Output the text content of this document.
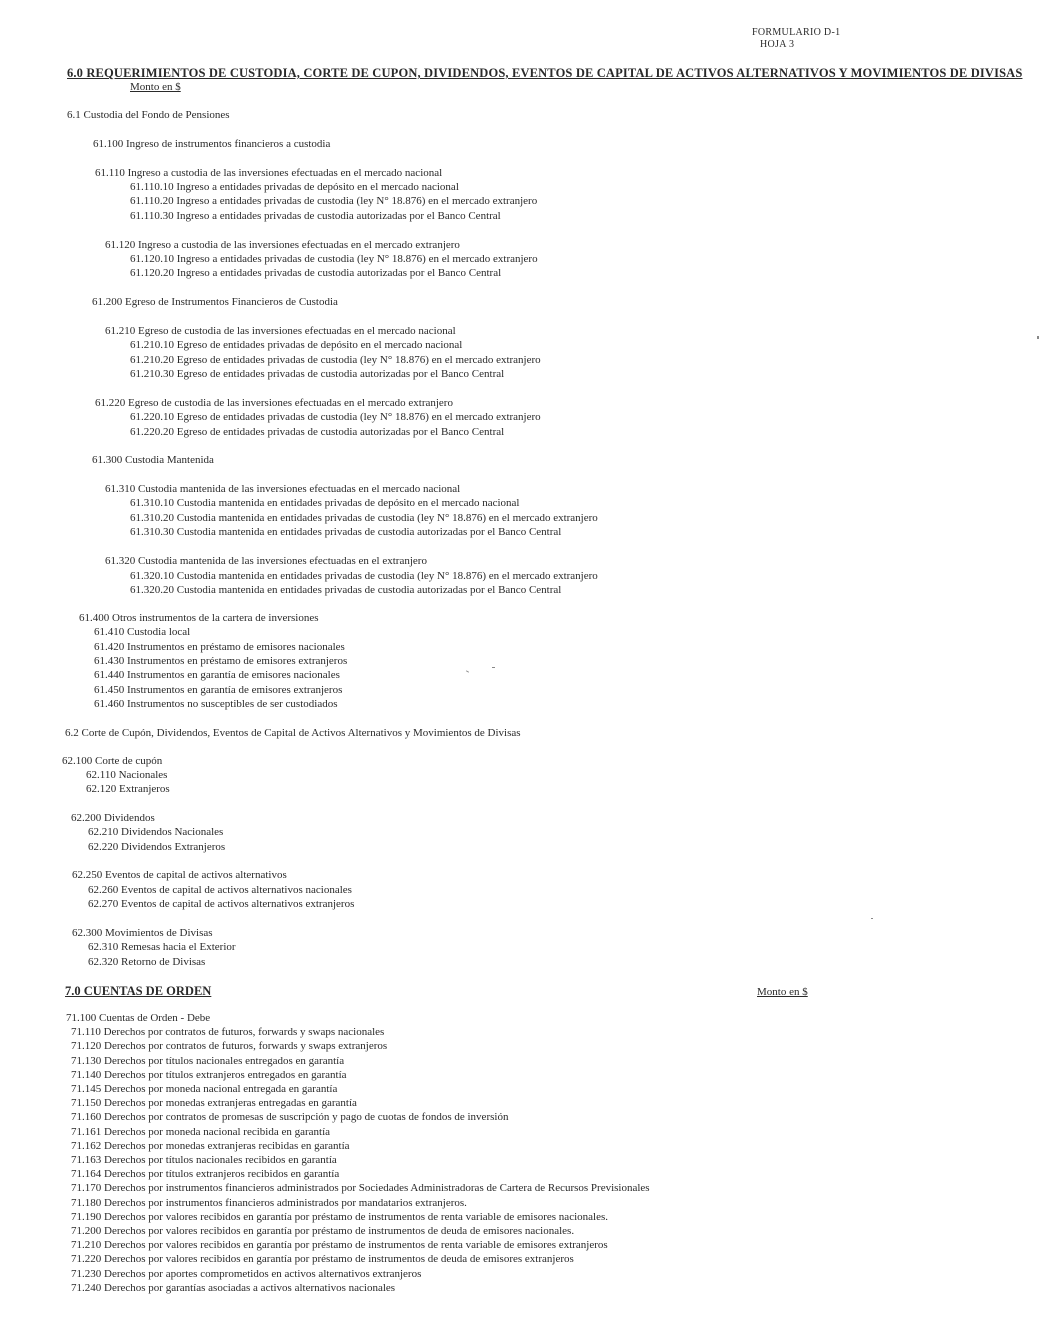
FORMULARIO D-1
HOJA 3
6.0 REQUERIMIENTOS DE CUSTODIA, CORTE DE CUPON, DIVIDENDOS, EVENTOS DE CAPITAL DE ACTIVOS ALTERNATIVOS Y MOVIMIENTOS DE DIVISAS
Monto en $
6.1 Custodia del Fondo de Pensiones
61.100 Ingreso de instrumentos financieros a custodia
61.110 Ingreso a custodia de las inversiones efectuadas en el mercado nacional
61.110.10 Ingreso a entidades privadas de depósito en el mercado nacional
61.110.20 Ingreso a entidades privadas de custodia (ley N° 18.876) en el mercado extranjero
61.110.30 Ingreso a entidades privadas de custodia autorizadas por el Banco Central
61.120 Ingreso a custodia de las inversiones efectuadas en el mercado extranjero
61.120.10 Ingreso a entidades privadas de custodia (ley N° 18.876) en el mercado extranjero
61.120.20 Ingreso a entidades privadas de custodia autorizadas por el Banco Central
61.200 Egreso de Instrumentos Financieros de Custodia
61.210 Egreso de custodia de las inversiones efectuadas en el mercado nacional
61.210.10 Egreso de entidades privadas de depósito en el mercado nacional
61.210.20 Egreso de entidades privadas de custodia (ley N° 18.876) en el mercado extranjero
61.210.30 Egreso de entidades privadas de custodia autorizadas por el Banco Central
61.220 Egreso de custodia de las inversiones efectuadas en el mercado extranjero
61.220.10 Egreso de entidades privadas de custodia (ley N° 18.876) en el mercado extranjero
61.220.20 Egreso de entidades privadas de custodia autorizadas por el Banco Central
61.300 Custodia Mantenida
61.310 Custodia mantenida de las inversiones efectuadas en el mercado nacional
61.310.10 Custodia mantenida en entidades privadas de depósito en el mercado nacional
61.310.20 Custodia mantenida en entidades privadas de custodia (ley N° 18.876) en el mercado extranjero
61.310.30 Custodia mantenida en entidades privadas de custodia autorizadas por el Banco Central
61.320 Custodia mantenida de las inversiones efectuadas en el extranjero
61.320.10 Custodia mantenida en entidades privadas de custodia (ley N° 18.876) en el mercado extranjero
61.320.20 Custodia mantenida en entidades privadas de custodia autorizadas por el Banco Central
61.400 Otros instrumentos de la cartera de inversiones
61.410 Custodia local
61.420 Instrumentos en préstamo de emisores nacionales
61.430 Instrumentos en préstamo de emisores extranjeros
61.440 Instrumentos en garantía de emisores nacionales
61.450 Instrumentos en garantía de emisores extranjeros
61.460 Instrumentos no susceptibles de ser custodiados
6.2 Corte de Cupón, Dividendos, Eventos de Capital de Activos Alternativos y Movimientos de Divisas
62.100 Corte de cupón
62.110 Nacionales
62.120 Extranjeros
62.200 Dividendos
62.210 Dividendos Nacionales
62.220 Dividendos Extranjeros
62.250 Eventos de capital de activos alternativos
62.260 Eventos de capital de activos alternativos nacionales
62.270 Eventos de capital de activos alternativos extranjeros
62.300 Movimientos de Divisas
62.310 Remesas hacia el Exterior
62.320 Retorno de Divisas
7.0 CUENTAS DE ORDEN	Monto en $
71.100 Cuentas de Orden - Debe
71.110 Derechos por contratos de futuros, forwards y swaps nacionales
71.120 Derechos por contratos de futuros, forwards y swaps extranjeros
71.130 Derechos por títulos nacionales entregados en garantía
71.140 Derechos por títulos extranjeros entregados en garantía
71.145 Derechos por moneda nacional entregada en garantía
71.150 Derechos por monedas extranjeras entregadas en garantía
71.160 Derechos por contratos de promesas de suscripción y pago de cuotas de fondos de inversión
71.161 Derechos por moneda nacional recibida en garantía
71.162 Derechos por monedas extranjeras recibidas en garantía
71.163 Derechos por títulos nacionales recibidos en garantía
71.164 Derechos por títulos extranjeros recibidos en garantía
71.170 Derechos por instrumentos financieros administrados por Sociedades Administradoras de Cartera de Recursos Previsionales
71.180 Derechos por instrumentos financieros administrados por mandatarios extranjeros.
71.190 Derechos por valores recibidos en garantía por préstamo de instrumentos de renta variable de emisores nacionales.
71.200 Derechos por valores recibidos en garantía por préstamo de instrumentos de deuda de emisores nacionales.
71.210 Derechos por valores recibidos en garantía por préstamo de instrumentos de renta variable de emisores extranjeros
71.220 Derechos por valores recibidos en garantía por préstamo de instrumentos de deuda de emisores extranjeros
71.230 Derechos por aportes comprometidos en activos alternativos extranjeros
71.240 Derechos por garantías asociadas a activos alternativos nacionales
